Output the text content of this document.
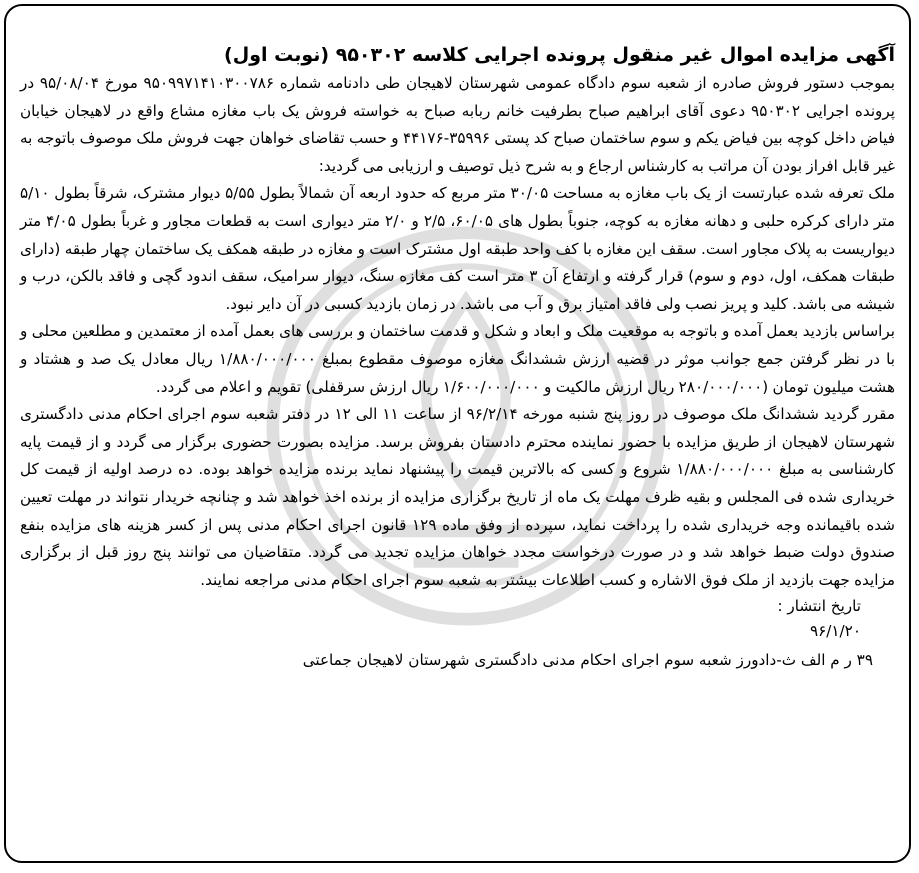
آگهی مزایده اموال غیر منقول پرونده اجرایی کلاسه ۹۵۰۳۰۲ (نوبت اول)

بموجب دستور فروش صادره از شعبه سوم دادگاه عمومی شهرستان لاهیجان طی دادنامه شماره ۹۵۰۹۹۷۱۴۱۰۳۰۰۷۸۶ مورخ ۹۵/۰۸/۰۴ در پرونده اجرایی ۹۵۰۳۰۲ دعوی آقای ابراهیم صباح بطرفیت خانم ربابه صباح به خواسته فروش یک باب مغازه مشاع واقع در لاهیجان خیابان فیاض داخل کوچه بین فیاض یکم و سوم ساختمان صباح کد پستی ۳۵۹۹۶-۴۴۱۷۶ و حسب تقاضای خواهان جهت فروش ملک موصوف باتوجه به غیر قابل افراز بودن آن مراتب به کارشناس ارجاع و به شرح ذیل توصیف و ارزیابی می گردید:

ملک تعرفه شده عبارتست از یک باب مغازه به مساحت ۳۰/۰۵ متر مربع که حدود اربعه آن شمالاً بطول ۵/۵۵ دیوار مشترک، شرقاً بطول ۵/۱۰ متر دارای کرکره حلبی و دهانه مغازه به کوچه، جنوباً بطول های ۶۰/۰۵، ۲/۵ و ۲/۰ متر دیواری است به قطعات مجاور و غرباً بطول ۴/۰۵ متر دیواریست به پلاک مجاور است. سقف این مغازه با کف واحد طبقه اول مشترک است و مغازه در طبقه همکف یک ساختمان چهار طبقه (دارای طبقات همکف، اول، دوم و سوم) قرار گرفته و ارتفاع آن ۳ متر است کف مغازه سنگ، دیوار سرامیک، سقف اندود گچی و فاقد بالکن، درب و شیشه می باشد. کلید و پریز نصب ولی فاقد امتیاز برق و آب می باشد. در زمان بازدید کسبی در آن دایر نبود.

براساس بازدید بعمل آمده و باتوجه به موقعیت ملک و ابعاد و شکل و قدمت ساختمان و بررسی های بعمل آمده از معتمدین و مطلعین محلی و با در نظر گرفتن جمع جوانب موثر در قضیه ارزش ششدانگ مغازه موصوف مقطوع بمبلغ ۱/۸۸۰/۰۰۰/۰۰۰ ریال معادل یک صد و هشتاد و هشت میلیون تومان (۲۸۰/۰۰۰/۰۰۰ ریال ارزش مالکیت و ۱/۶۰۰/۰۰۰/۰۰۰ ریال ارزش سرقفلی) تقویم و اعلام می گردد.

مقرر گردید ششدانگ ملک موصوف در روز پنج شنبه مورخه ۹۶/۲/۱۴ از ساعت ۱۱ الی ۱۲ در دفتر شعبه سوم اجرای احکام مدنی دادگستری شهرستان لاهیجان از طریق مزایده با حضور نماینده محترم دادستان بفروش برسد. مزایده بصورت حضوری برگزار می گردد و از قیمت پایه کارشناسی به مبلغ ۱/۸۸۰/۰۰۰/۰۰۰ شروع و کسی که بالاترین قیمت را پیشنهاد نماید برنده مزایده خواهد بوده. ده درصد اولیه از قیمت کل خریداری شده فی المجلس و بقیه ظرف مهلت یک ماه از تاریخ برگزاری مزایده از برنده اخذ خواهد شد و چنانچه خریدار نتواند در مهلت تعیین شده باقیمانده وجه خریداری شده را پرداخت نماید، سپرده از وفق ماده ۱۲۹ قانون اجرای احکام مدنی پس از کسر هزینه های مزایده بنفع صندوق دولت ضبط خواهد شد و در صورت درخواست مجدد خواهان مزایده تجدید می گردد. متقاضیان می توانند پنج روز قبل از برگزاری مزایده جهت بازدید از ملک فوق الاشاره و کسب اطلاعات بیشتر به شعبه سوم اجرای احکام مدنی مراجعه نمایند.

تاریخ انتشار :
۹۶/۱/۲۰

۳۹ ر م الف ث-دادورز شعبه سوم اجرای احکام مدنی دادگستری شهرستان لاهیجان جماعتی
